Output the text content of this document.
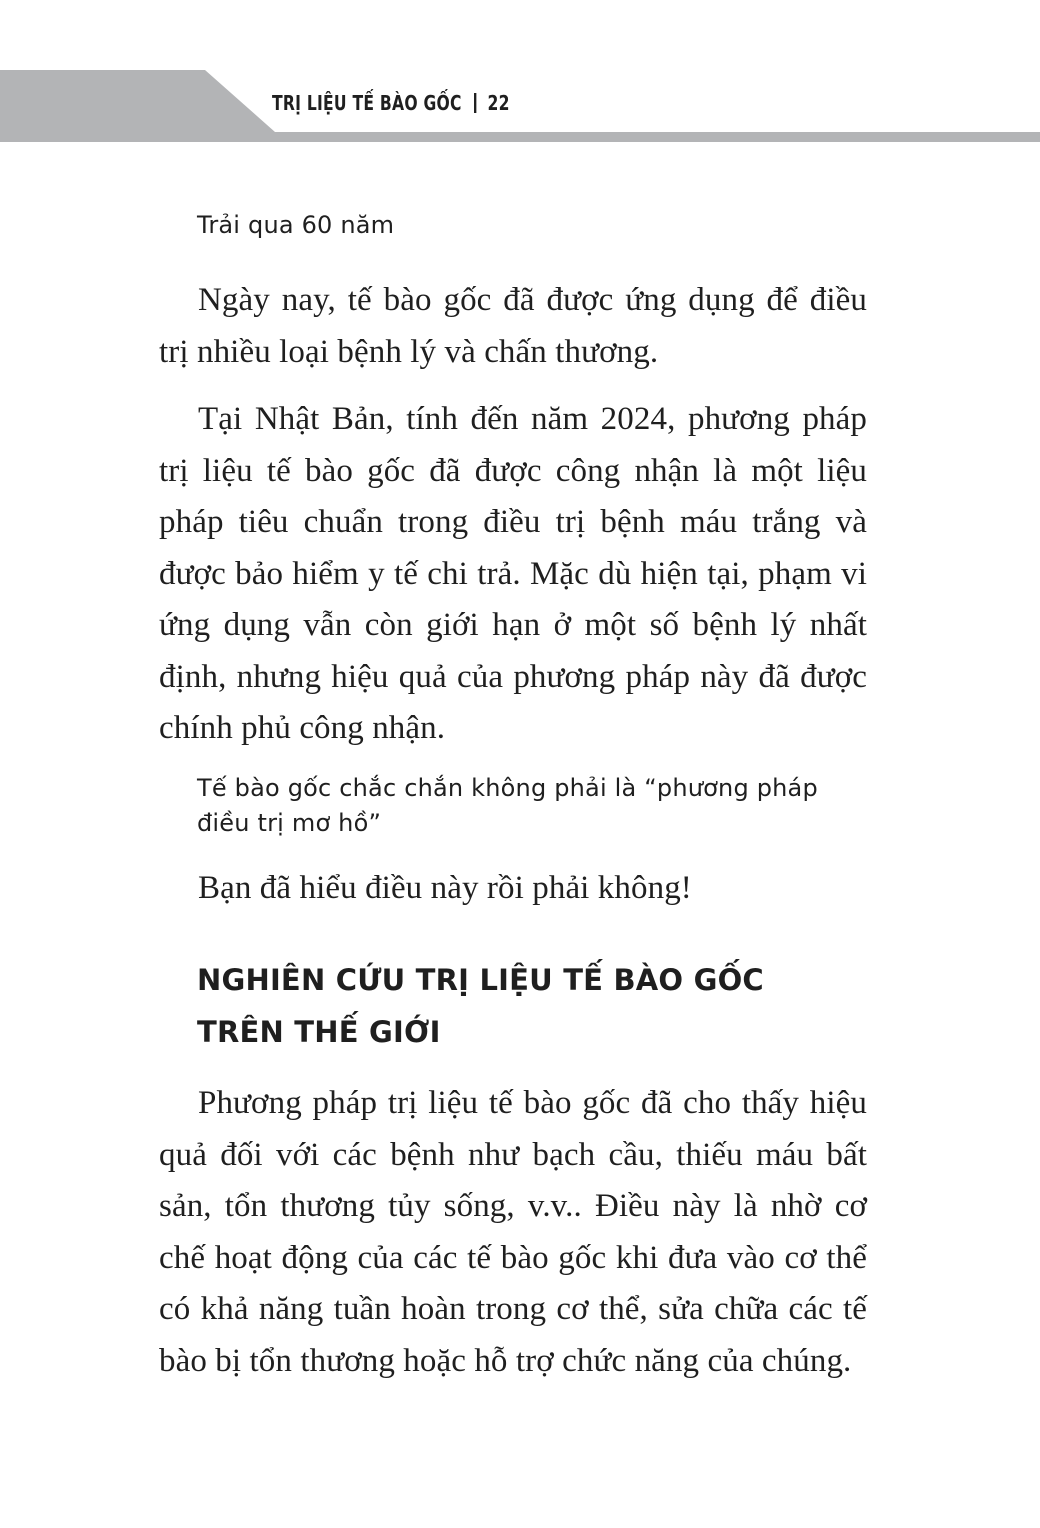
TRỊ LIỆU TẾ BÀO GỐC 22

Trải qua 60 năm

Ngày nay, tế bào gốc đã được ứng dụng để điều trị nhiều loại bệnh lý và chấn thương.

Tại Nhật Bản, tính đến năm 2024, phương pháp trị liệu tế bào gốc đã được công nhận là một liệu pháp tiêu chuẩn trong điều trị bệnh máu trắng và được bảo hiểm y tế chi trả. Mặc dù hiện tại, phạm vi ứng dụng vẫn còn giới hạn ở một số bệnh lý nhất định, nhưng hiệu quả của phương pháp này đã được chính phủ công nhận.

Tế bào gốc chắc chắn không phải là “phương pháp điều trị mơ hồ”

Bạn đã hiểu điều này rồi phải không!

NGHIÊN CỨU TRỊ LIỆU TẾ BÀO GỐC TRÊN THẾ GIỚI

Phương pháp trị liệu tế bào gốc đã cho thấy hiệu quả đối với các bệnh như bạch cầu, thiếu máu bất sản, tổn thương tủy sống, v.v.. Điều này là nhờ cơ chế hoạt động của các tế bào gốc khi đưa vào cơ thể có khả năng tuần hoàn trong cơ thể, sửa chữa các tế bào bị tổn thương hoặc hỗ trợ chức năng của chúng.
